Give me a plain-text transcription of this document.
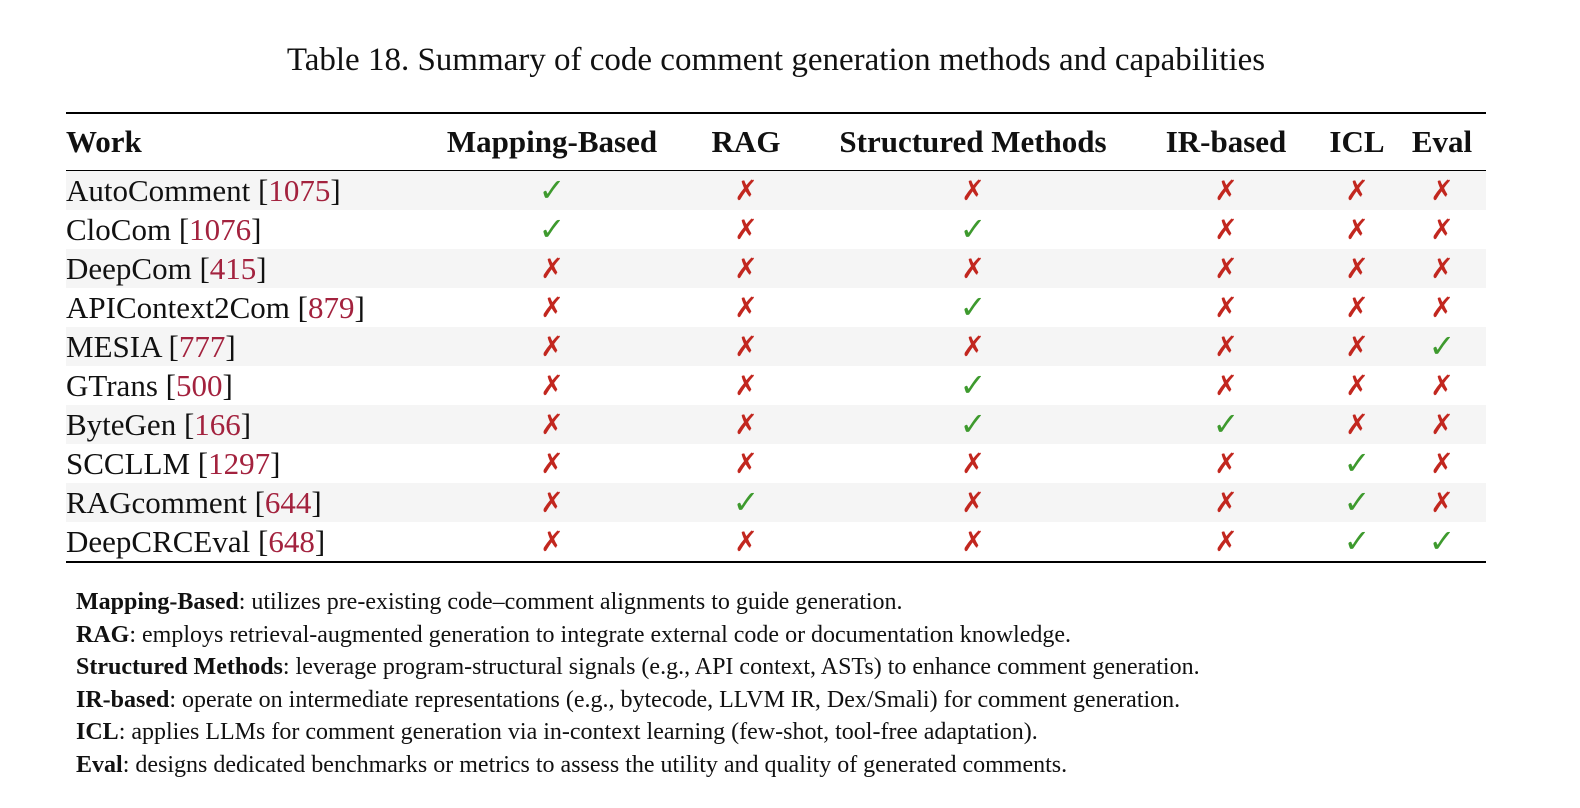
Table 18. Summary of code comment generation methods and capabilities
Work	Mapping-Based	RAG	Structured Methods	IR-based	ICL	Eval
AutoComment [1075]	✓	✗	✗	✗	✗	✗
CloCom [1076]	✓	✗	✓	✗	✗	✗
DeepCom [415]	✗	✗	✗	✗	✗	✗
APIContext2Com [879]	✗	✗	✓	✗	✗	✗
MESIA [777]	✗	✗	✗	✗	✗	✓
GTrans [500]	✗	✗	✓	✗	✗	✗
ByteGen [166]	✗	✗	✓	✓	✗	✗
SCCLLM [1297]	✗	✗	✗	✗	✓	✗
RAGcomment [644]	✗	✓	✗	✗	✓	✗
DeepCRCEval [648]	✗	✗	✗	✗	✓	✓
Mapping-Based: utilizes pre-existing code–comment alignments to guide generation.
RAG: employs retrieval-augmented generation to integrate external code or documentation knowledge.
Structured Methods: leverage program-structural signals (e.g., API context, ASTs) to enhance comment generation.
IR-based: operate on intermediate representations (e.g., bytecode, LLVM IR, Dex/Smali) for comment generation.
ICL: applies LLMs for comment generation via in-context learning (few-shot, tool-free adaptation).
Eval: designs dedicated benchmarks or metrics to assess the utility and quality of generated comments.
